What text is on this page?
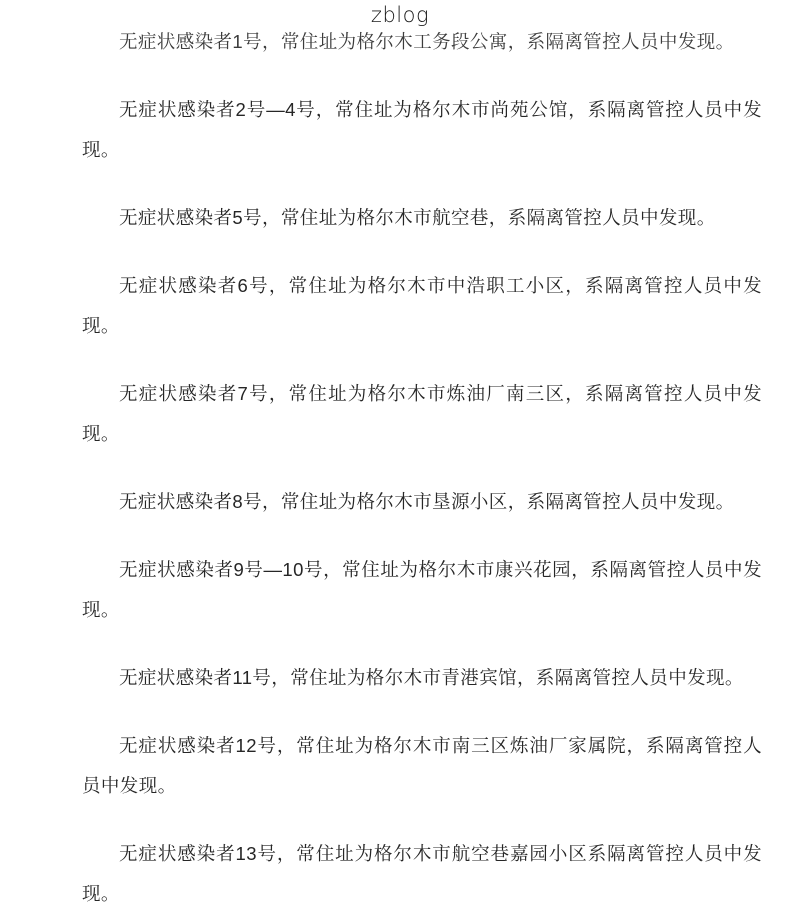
zblog

无症状感染者1号，常住址为格尔木工务段公寓，系隔离管控人员中发现。

无症状感染者2号—4号，常住址为格尔木市尚苑公馆，系隔离管控人员中发现。

无症状感染者5号，常住址为格尔木市航空巷，系隔离管控人员中发现。

无症状感染者6号，常住址为格尔木市中浩职工小区，系隔离管控人员中发现。

无症状感染者7号，常住址为格尔木市炼油厂南三区，系隔离管控人员中发现。

无症状感染者8号，常住址为格尔木市垦源小区，系隔离管控人员中发现。

无症状感染者9号—10号，常住址为格尔木市康兴花园，系隔离管控人员中发现。

无症状感染者11号，常住址为格尔木市青港宾馆，系隔离管控人员中发现。

无症状感染者12号，常住址为格尔木市南三区炼油厂家属院，系隔离管控人员中发现。

无症状感染者13号，常住址为格尔木市航空巷嘉园小区系隔离管控人员中发现。
